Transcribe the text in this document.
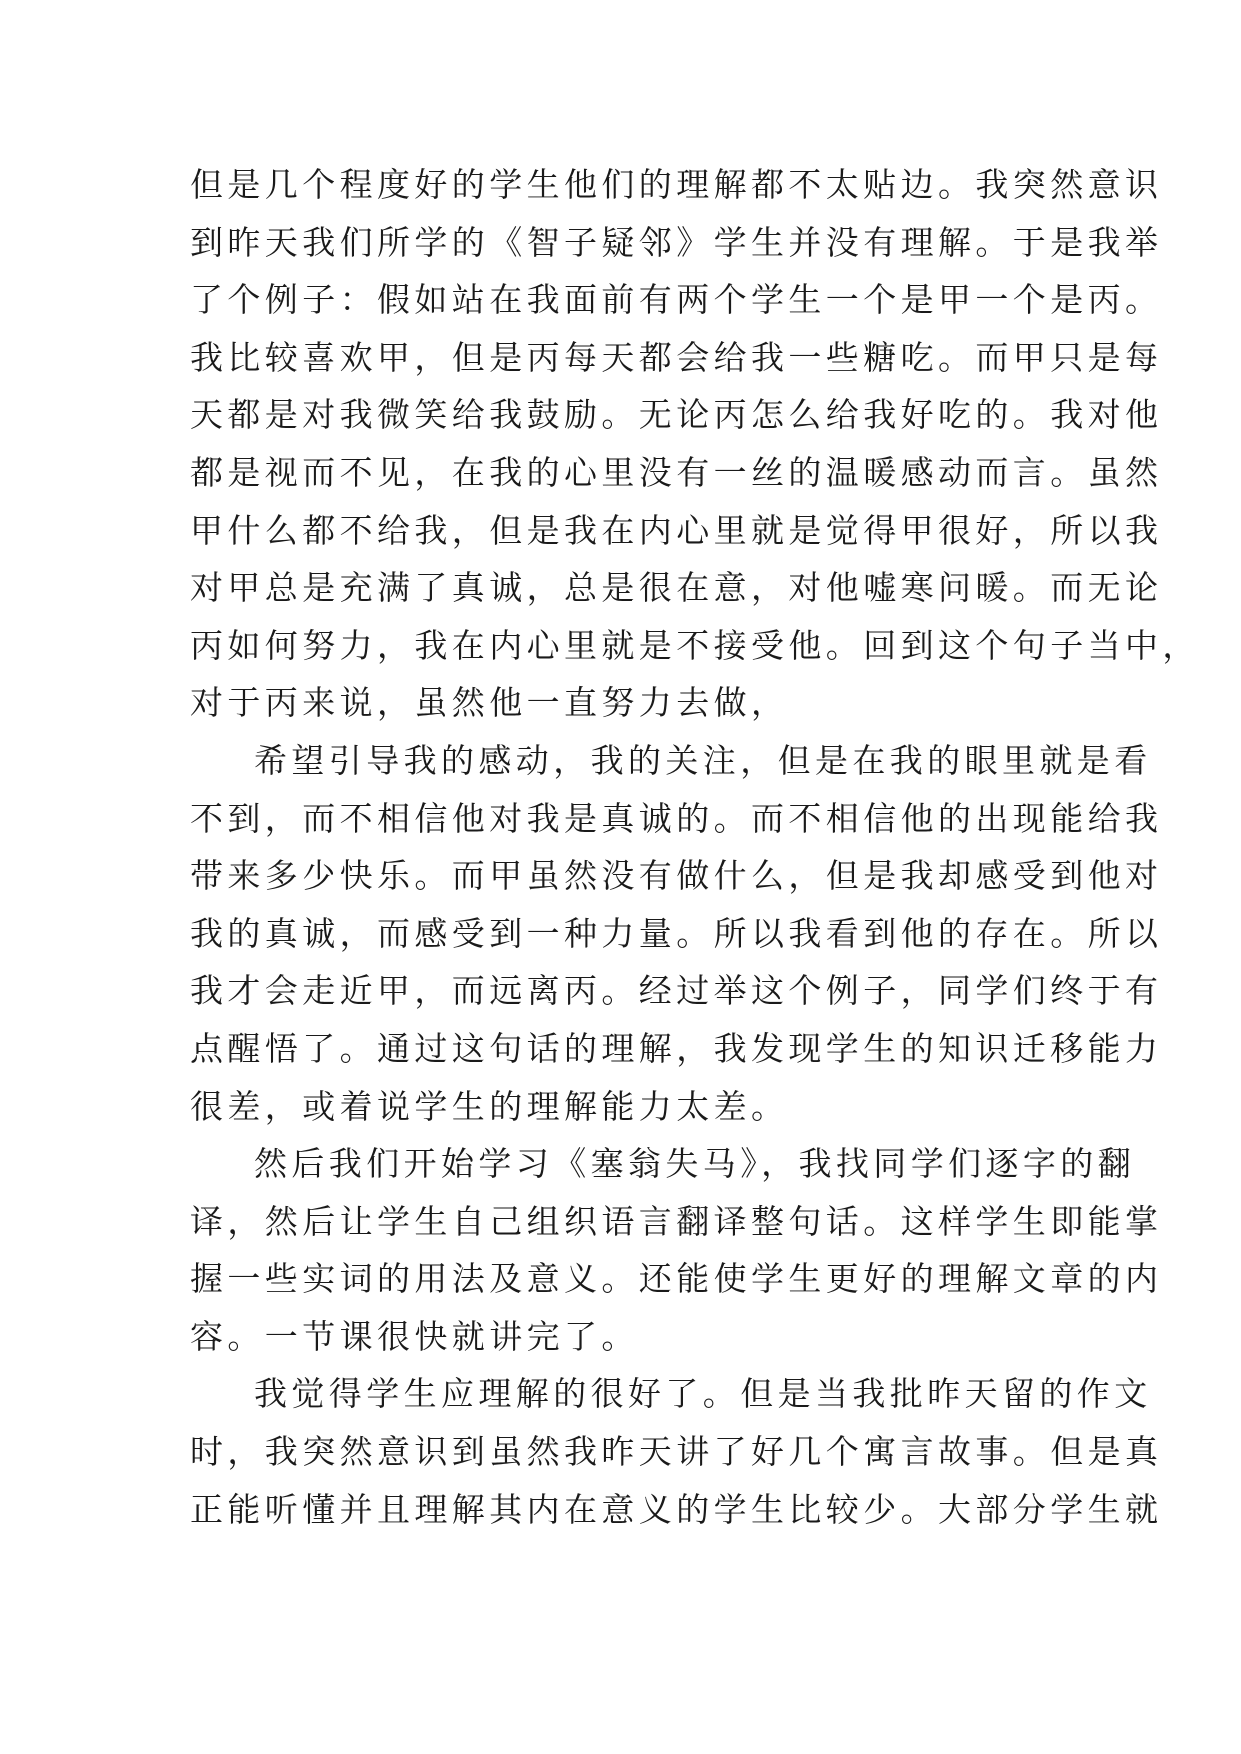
但是几个程度好的学生他们的理解都不太贴边。我突然意识
到昨天我们所学的《智子疑邻》学生并没有理解。于是我举
了个例子：假如站在我面前有两个学生一个是甲一个是丙。
我比较喜欢甲，但是丙每天都会给我一些糖吃。而甲只是每
天都是对我微笑给我鼓励。无论丙怎么给我好吃的。我对他
都是视而不见，在我的心里没有一丝的温暖感动而言。虽然
甲什么都不给我，但是我在内心里就是觉得甲很好，所以我
对甲总是充满了真诚，总是很在意，对他嘘寒问暖。而无论
丙如何努力，我在内心里就是不接受他。回到这个句子当中，
对于丙来说，虽然他一直努力去做，
希望引导我的感动，我的关注，但是在我的眼里就是看
不到，而不相信他对我是真诚的。而不相信他的出现能给我
带来多少快乐。而甲虽然没有做什么，但是我却感受到他对
我的真诚，而感受到一种力量。所以我看到他的存在。所以
我才会走近甲，而远离丙。经过举这个例子，同学们终于有
点醒悟了。通过这句话的理解，我发现学生的知识迁移能力
很差，或着说学生的理解能力太差。
然后我们开始学习《塞翁失马》，我找同学们逐字的翻
译，然后让学生自己组织语言翻译整句话。这样学生即能掌
握一些实词的用法及意义。还能使学生更好的理解文章的内
容。一节课很快就讲完了。
我觉得学生应理解的很好了。但是当我批昨天留的作文
时，我突然意识到虽然我昨天讲了好几个寓言故事。但是真
正能听懂并且理解其内在意义的学生比较少。大部分学生就
